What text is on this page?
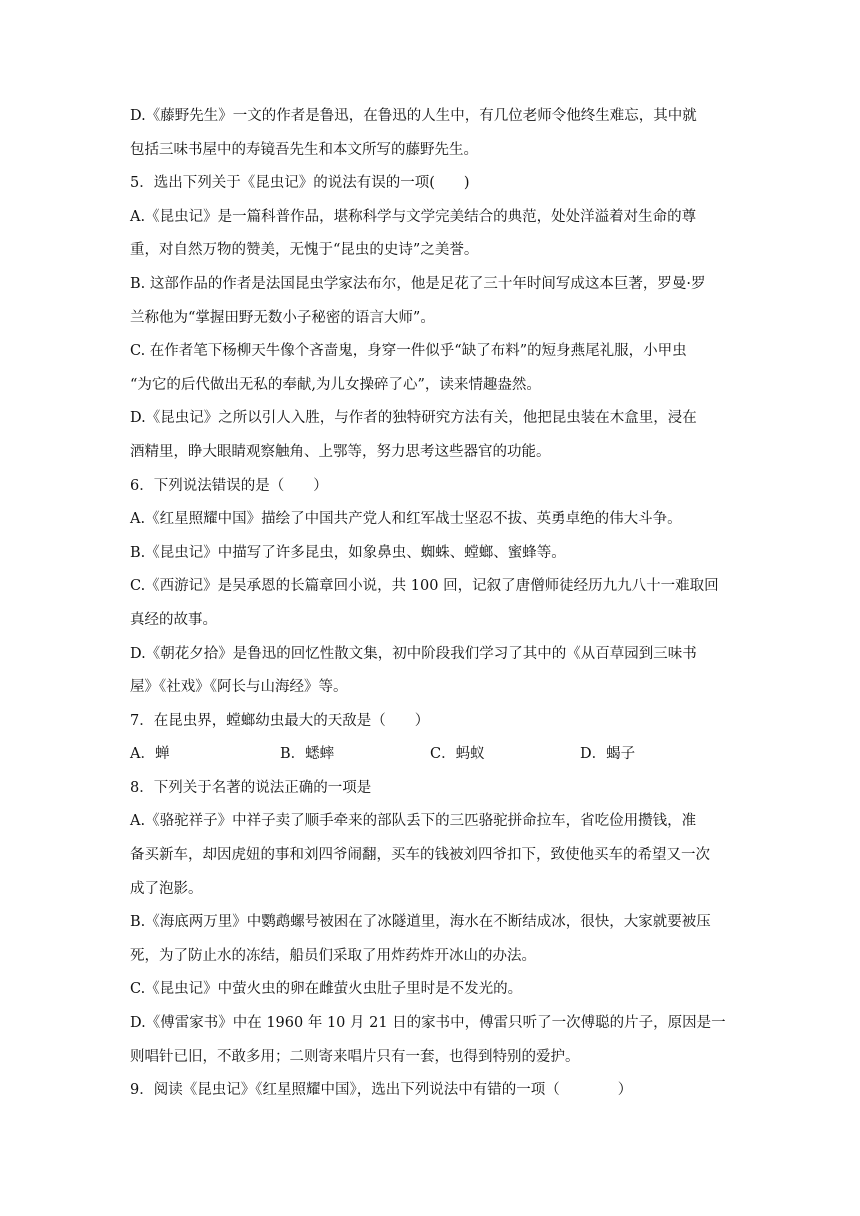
D.《藤野先生》一文的作者是鲁迅，在鲁迅的人生中，有几位老师令他终生难忘，其中就

包括三味书屋中的寿镜吾先生和本文所写的藤野先生。

5．选出下列关于《昆虫记》的说法有误的一项(　　)

A.《昆虫记》是一篇科普作品，堪称科学与文学完美结合的典范，处处洋溢着对生命的尊

重，对自然万物的赞美，无愧于“昆虫的史诗”之美誉。

B. 这部作品的作者是法国昆虫学家法布尔，他是足花了三十年时间写成这本巨著，罗曼·罗

兰称他为“掌握田野无数小子秘密的语言大师”。

C. 在作者笔下杨柳天牛像个吝啬鬼，身穿一件似乎“缺了布料”的短身燕尾礼服，小甲虫

“为它的后代做出无私的奉献,为儿女操碎了心”，读来情趣盎然。

D.《昆虫记》之所以引人入胜，与作者的独特研究方法有关，他把昆虫装在木盒里，浸在

酒精里，睁大眼睛观察触角、上鄂等，努力思考这些器官的功能。

6．下列说法错误的是（　　）

A.《红星照耀中国》描绘了中国共产党人和红军战士坚忍不拔、英勇卓绝的伟大斗争。

B.《昆虫记》中描写了许多昆虫，如象鼻虫、蜘蛛、螳螂、蜜蜂等。

C.《西游记》是吴承恩的长篇章回小说，共 100 回，记叙了唐僧师徒经历九九八十一难取回

真经的故事。

D.《朝花夕拾》是鲁迅的回忆性散文集，初中阶段我们学习了其中的《从百草园到三味书

屋》《社戏》《阿长与山海经》等。

7．在昆虫界，螳螂幼虫最大的天敌是（　　）

A．蝉	B．蟋蟀	C．蚂蚁	D．蝎子

8．下列关于名著的说法正确的一项是

A.《骆驼祥子》中祥子卖了顺手牵来的部队丢下的三匹骆驼拼命拉车，省吃俭用攒钱，准

备买新车，却因虎妞的事和刘四爷闹翻，买车的钱被刘四爷扣下，致使他买车的希望又一次

成了泡影。

B.《海底两万里》中鹦鹉螺号被困在了冰隧道里，海水在不断结成冰，很快，大家就要被压

死，为了防止水的冻结，船员们采取了用炸药炸开冰山的办法。

C.《昆虫记》中萤火虫的卵在雌萤火虫肚子里时是不发光的。

D.《傅雷家书》中在 1960 年 10 月 21 日的家书中，傅雷只听了一次傅聪的片子，原因是一

则唱针已旧，不敢多用；二则寄来唱片只有一套，也得到特别的爱护。

9．阅读《昆虫记》《红星照耀中国》，选出下列说法中有错的一项（　　　　）
